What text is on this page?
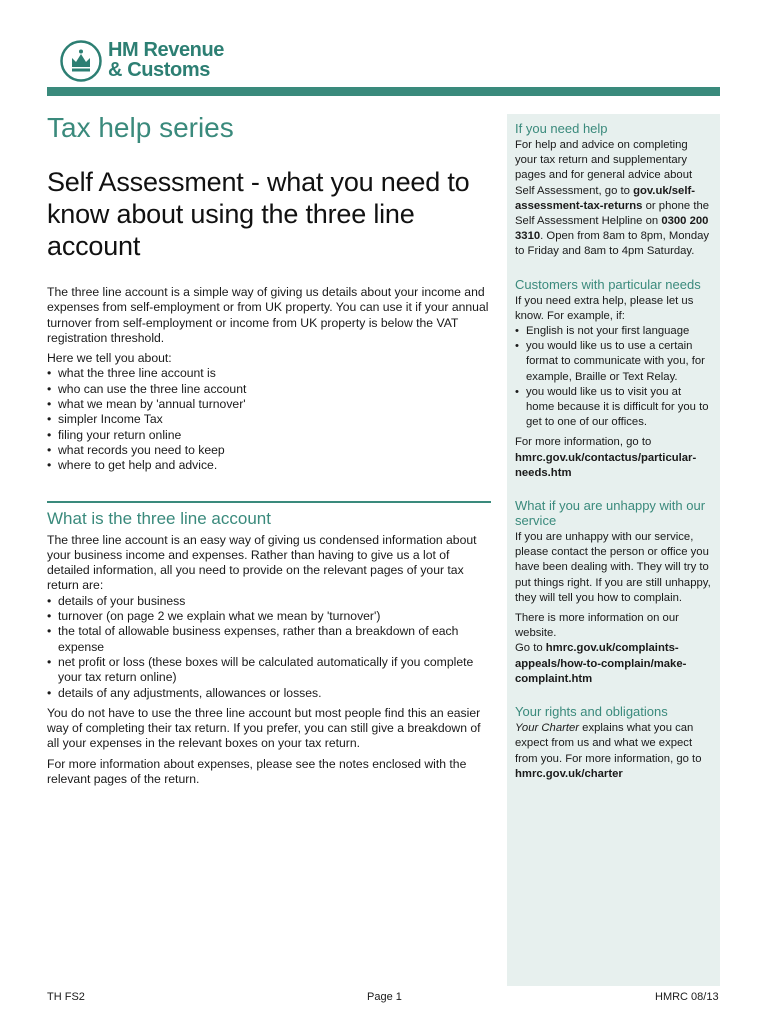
HM Revenue
& Customs
Tax help series
Self Assessment - what you need to know about using the three line account

The three line account is a simple way of giving us details about your income and expenses from self-employment or from UK property. You can use it if your annual turnover from self-employment or income from UK property is below the VAT registration threshold.

Here we tell you about:

• what the three line account is
• who can use the three line account
• what we mean by 'annual turnover'
• simpler Income Tax
• filing your return online
• what records you need to keep
• where to get help and advice.
What is the three line account

The three line account is an easy way of giving us condensed information about your business income and expenses. Rather than having to give us a lot of detailed information, all you need to provide on the relevant pages of your tax return are:

• details of your business
• turnover (on page 2 we explain what we mean by 'turnover')
• the total of allowable business expenses, rather than a breakdown of each expense
• net profit or loss (these boxes will be calculated automatically if you complete your tax return online)
• details of any adjustments, allowances or losses.

You do not have to use the three line account but most people find this an easier way of completing their tax return. If you prefer, you can still give a breakdown of all your expenses in the relevant boxes on your tax return.

For more information about expenses, please see the notes enclosed with the relevant pages of the return.

If you need help

For help and advice on completing your tax return and supplementary pages and for general advice about Self Assessment, go to gov.uk/self-assessment-tax-returns or phone the Self Assessment Helpline on 0300 200 3310. Open from 8am to 8pm, Monday to Friday and 8am to 4pm Saturday.

Customers with particular needs

If you need extra help, please let us know. For example, if:

• English is not your first language
• you would like us to use a certain format to communicate with you, for example, Braille or Text Relay.
• you would like us to visit you at home because it is difficult for you to get to one of our offices.

For more information, go to

hmrc.gov.uk/contactus/particular-needs.htm

What if you are unhappy with our service

If you are unhappy with our service, please contact the person or office you have been dealing with. They will try to put things right. If you are still unhappy, they will tell you how to complain.

There is more information on our website.

Go to hmrc.gov.uk/complaints-appeals/how-to-complain/make-complaint.htm

Your rights and obligations

Your Charter explains what you can expect from us and what we expect from you. For more information, go to

hmrc.gov.uk/charter

TH FS2	Page 1	HMRC 08/13
